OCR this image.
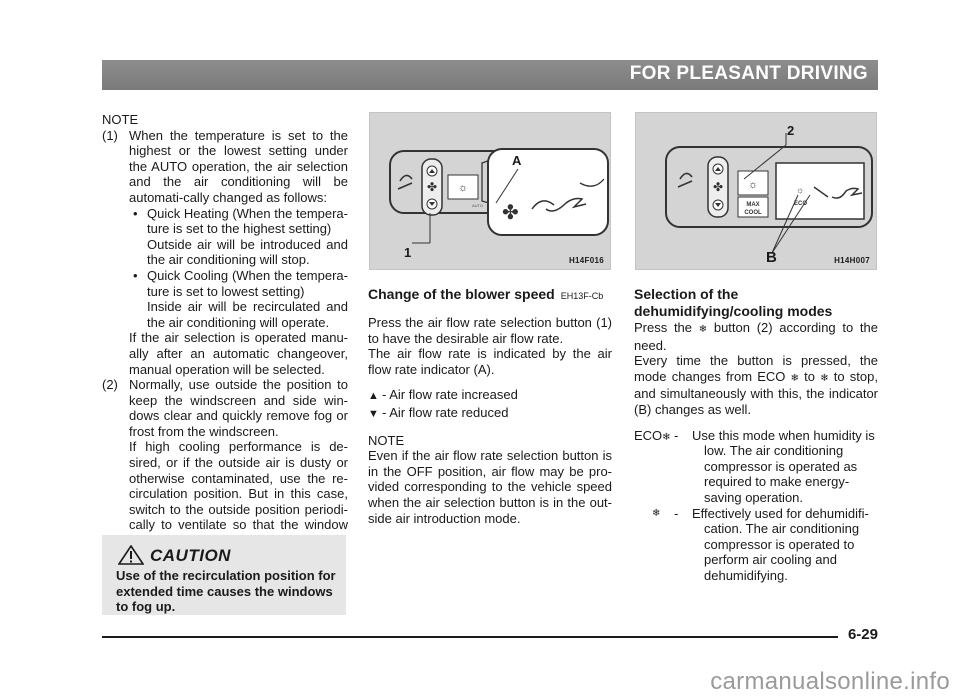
FOR PLEASANT DRIVING
NOTE
(1) When the temperature is set to the highest or the lowest setting under the AUTO operation, the air selection and the air conditioning will be automati-cally changed as follows:
• Quick Heating (When the tempera-ture is set to the highest setting)
Outside air will be introduced and the air conditioning will stop.
• Quick Cooling (When the tempera-ture is set to lowest setting)
Inside air will be recirculated and the air conditioning will operate.
If the air selection is operated manu-ally after an automatic changeover, manual operation will be selected.
(2) Normally, use outside the position to keep the windscreen and side win-dows clear and quickly remove fog or frost from the windscreen.
If high cooling performance is de-sired, or if the outside air is dusty or otherwise contaminated, use the re-circulation position. But in this case, switch to the outside position periodi-cally to ventilate so that the window
CAUTION
Use of the recirculation position for extended time causes the windows to fog up.
✤ ☼
AUTO ✤
A
1
H14F016
✤ ☼
MAX
COOL
☼
ECO
2
B	H14H007
Change of the blower speed EH13F-Cb

Press the air flow rate selection button (1) to have the desirable air flow rate.

The air flow rate is indicated by the air flow rate indicator (A).

▲ - Air flow rate increased
▼ - Air flow rate reduced
NOTE

Even if the air flow rate selection button is in the OFF position, air flow may be pro-vided corresponding to the vehicle speed when the air selection button is in the out-side air introduction mode.

Selection of the dehumidifying/cooling modes

Press the ❄ button (2) according to the need.

Every time the button is pressed, the mode changes from ECO ❄ to ❄ to stop, and simultaneously with this, the indicator (B) changes as well.

ECO❄ - Use this mode when humidity is
low. The air conditioning compressor is operated as required to make energy-saving operation.
❄ - Effectively used for dehumidifi-
cation. The air conditioning compressor is operated to perform air cooling and dehumidifying.
6-29
carmanualsonline.info
